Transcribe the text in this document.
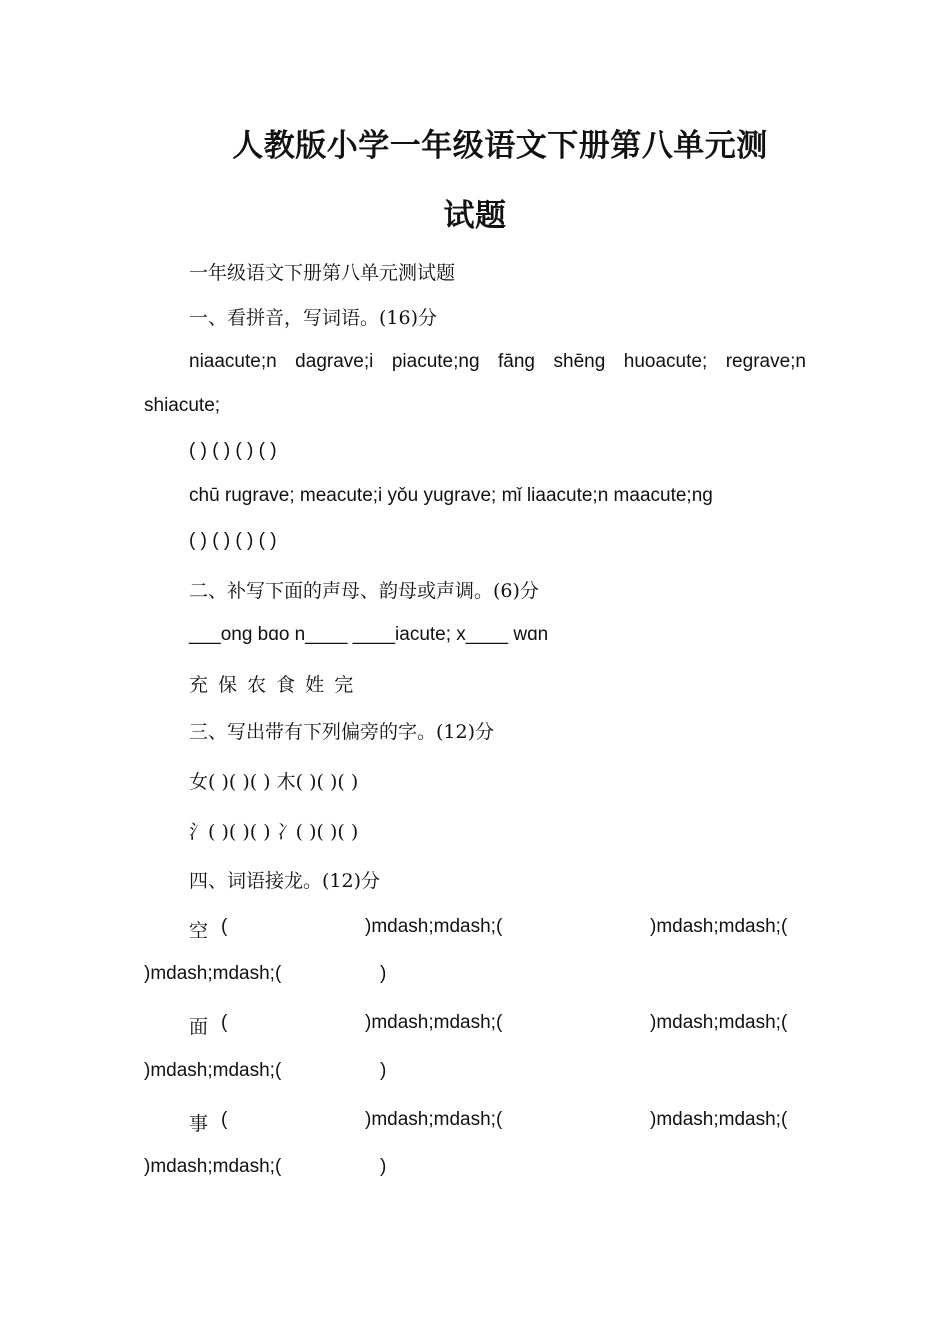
人教版小学一年级语文下册第八单元测
试题
一年级语文下册第八单元测试题
一、看拼音，写词语。(16)分
niaacute;n dagrave;i piacute;ng fāng shēng huoacute; regrave;n
shiacute;
( ) ( ) ( ) ( )
chū rugrave; meacute;i yǒu yugrave; mǐ liaacute;n maacute;ng
( ) ( ) ( ) ( )
二、补写下面的声母、韵母或声调。(6)分
___ong bɑo n____ ____iacute; x____ wɑn
充 保 农 食 姓 完
三、写出带有下列偏旁的字。(12)分
女( )( )( ) 木( )( )( )
氵( )( )( ) 冫( )( )( )
四、词语接龙。(12)分
空 (	)mdash;mdash;(	)mdash;mdash;(
)mdash;mdash;(	)
面 (	)mdash;mdash;(	)mdash;mdash;(
)mdash;mdash;(	)
事 (	)mdash;mdash;(	)mdash;mdash;(
)mdash;mdash;(	)
